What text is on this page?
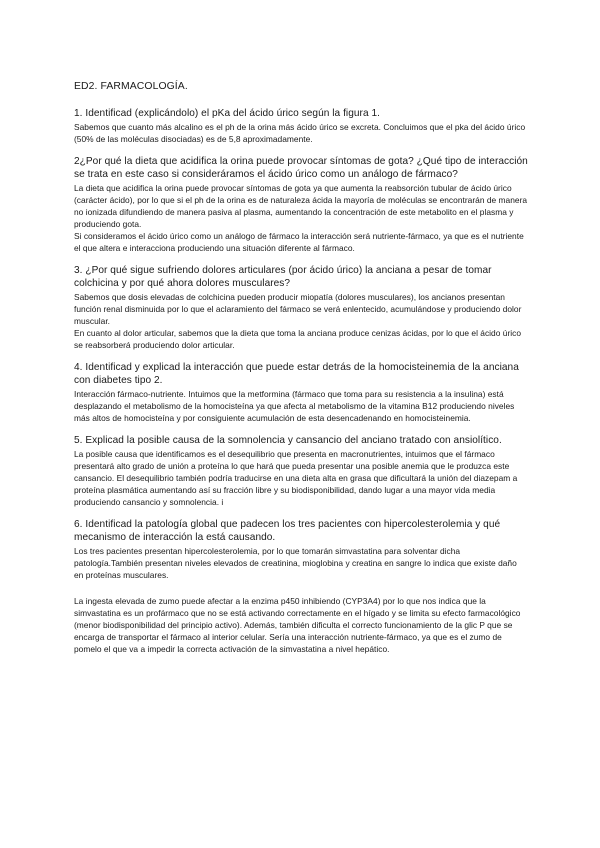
ED2. FARMACOLOGÍA.
1. Identificad (explicándolo) el pKa del ácido úrico según la figura 1.

Sabemos que cuanto más alcalino es el ph de la orina más ácido úrico se excreta. Concluimos que el pka del ácido úrico (50% de las moléculas disociadas) es de 5,8 aproximadamente.

2¿Por qué la dieta que acidifica la orina puede provocar síntomas de gota? ¿Qué tipo de interacción se trata en este caso si consideráramos el ácido úrico como un análogo de fármaco?

La dieta que acidifica la orina puede provocar síntomas de gota ya que aumenta la reabsorción tubular de ácido úrico (carácter ácido), por lo que si el ph de la orina es de naturaleza ácida la mayoría de moléculas se encontrarán de manera no ionizada difundiendo de manera pasiva al plasma, aumentando la concentración de este metabolito en el plasma y produciendo gota.

Si consideramos el ácido úrico como un análogo de fármaco la interacción será nutriente-fármaco, ya que es el nutriente el que altera e interacciona produciendo una situación diferente al fármaco.

3. ¿Por qué sigue sufriendo dolores articulares (por ácido úrico) la anciana a pesar de tomar colchicina y por qué ahora dolores musculares?

Sabemos que dosis elevadas de colchicina pueden producir miopatía (dolores musculares), los ancianos presentan función renal disminuida por lo que el aclaramiento del fármaco se verá enlentecido, acumulándose y produciendo dolor muscular.

En cuanto al dolor articular, sabemos que la dieta que toma la anciana produce cenizas ácidas, por lo que el ácido úrico se reabsorberá produciendo dolor articular.

4. Identificad y explicad la interacción que puede estar detrás de la homocisteinemia de la anciana con diabetes tipo 2.

Interacción fármaco-nutriente. Intuimos que la metformina (fármaco que toma para su resistencia a la insulina) está desplazando el metabolismo de la homocisteína ya que afecta al metabolismo de la vitamina B12 produciendo niveles más altos de homocisteína y por consiguiente acumulación de esta desencadenando en homocisteinemia.

5. Explicad la posible causa de la somnolencia y cansancio del anciano tratado con ansiolítico.

La posible causa que identificamos es el desequilibrio que presenta en macronutrientes, intuimos que el fármaco presentará alto grado de unión a proteína lo que hará que pueda presentar una posible anemia que le produzca este cansancio. El desequilibrio también podría traducirse en una dieta alta en grasa que dificultará la unión del diazepam a proteína plasmática aumentando así su fracción libre y su biodisponibilidad, dando lugar a una mayor vida media produciendo cansancio y somnolencia. i

6. Identificad la patología global que padecen los tres pacientes con hipercolesterolemia y qué mecanismo de interacción la está causando.

Los tres pacientes presentan hipercolesterolemia, por lo que tomarán simvastatina para solventar dicha patología.También presentan niveles elevados de creatinina, mioglobina y creatina en sangre lo indica que existe daño en proteínas musculares.

La ingesta elevada de zumo puede afectar a la enzima p450 inhibiendo (CYP3A4) por lo que nos indica que la simvastatina es un profármaco que no se está activando correctamente en el hígado y se limita su efecto farmacológico (menor biodisponibilidad del principio activo). Además, también dificulta el correcto funcionamiento de la glic P que se encarga de transportar el fármaco al interior celular. Sería una interacción nutriente-fármaco, ya que es el zumo de pomelo el que va a impedir la correcta activación de la simvastatina a nivel hepático.
